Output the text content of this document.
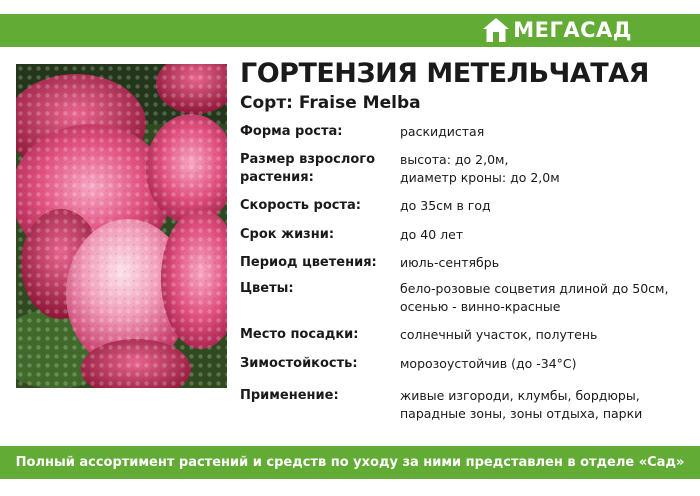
МЕГАСАД
ГОРТЕНЗИЯ МЕТЕЛЬЧАТАЯ
Сорт: Fraise Melba
Форма роста:	раскидистая
Размер взрослого растения:
высота: до 2,0м,
диаметр кроны: до 2,0м
Скорость роста:	до 35см в год
Срок жизни:	до 40 лет
Период цветения:	июль-сентябрь
Цветы:	бело-розовые соцветия длиной до 50см,
осенью - винно-красные
Место посадки:	солнечный участок, полутень
Зимостойкость:	морозоустойчив (до -34°С)
Применение:	живые изгороди, клумбы, бордюры,
парадные зоны, зоны отдыха, парки
Полный ассортимент растений и средств по уходу за ними представлен в отделе «Сад»
